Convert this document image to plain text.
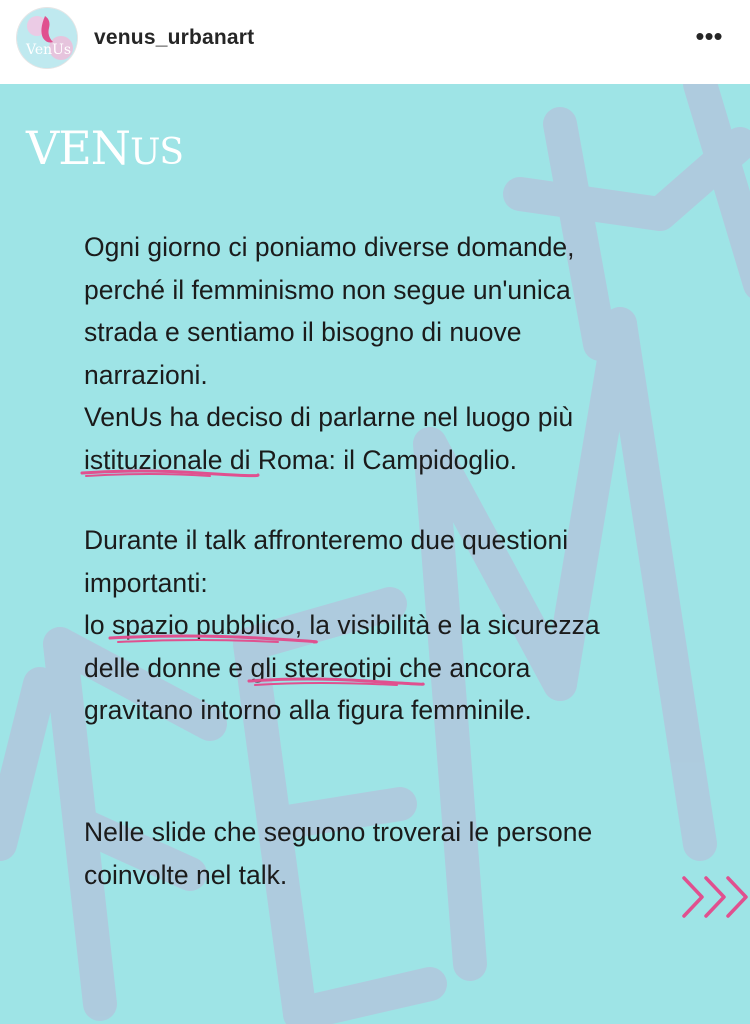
VenUs
venus_urbanart	•••
VENUS
Ogni giorno ci poniamo diverse domande,
perché il femminismo non segue un'unica
strada e sentiamo il bisogno di nuove
narrazioni.
VenUs ha deciso di parlarne nel luogo più
istituzionale
di Roma: il Campidoglio.
Durante il talk affronteremo due questioni
importanti:
lo spazio pubblico
, la visibilità e la sicurezza
delle donne e gli stereotipi
che ancora
gravitano intorno alla figura femminile.
Nelle slide che seguono troverai le persone
coinvolte nel talk.
